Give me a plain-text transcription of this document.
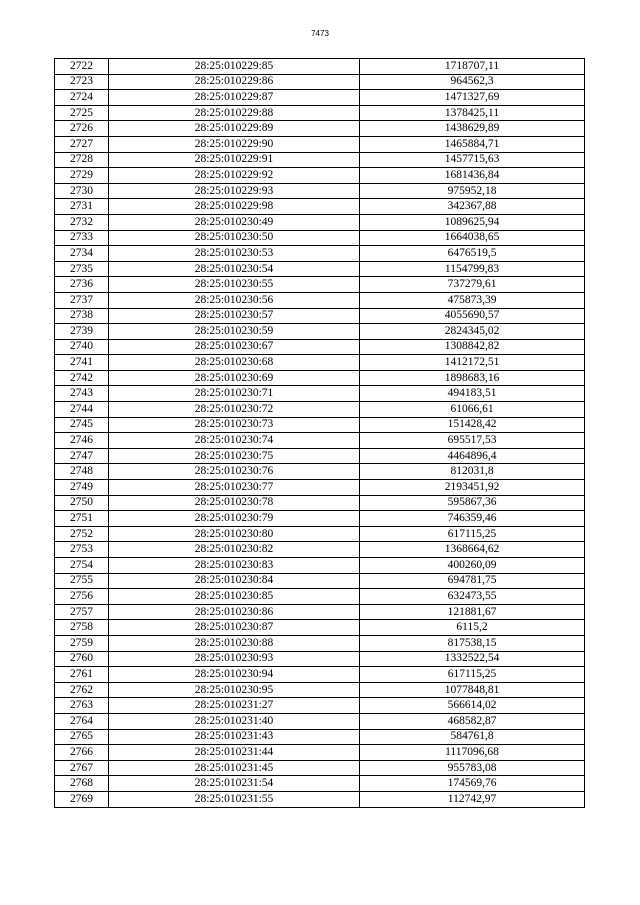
7473
2722	28:25:010229:85	1718707,11
2723	28:25:010229:86	964562,3
2724	28:25:010229:87	1471327,69
2725	28:25:010229:88	1378425,11
2726	28:25:010229:89	1438629,89
2727	28:25:010229:90	1465884,71
2728	28:25:010229:91	1457715,63
2729	28:25:010229:92	1681436,84
2730	28:25:010229:93	975952,18
2731	28:25:010229:98	342367,88
2732	28:25:010230:49	1089625,94
2733	28:25:010230:50	1664038,65
2734	28:25:010230:53	6476519,5
2735	28:25:010230:54	1154799,83
2736	28:25:010230:55	737279,61
2737	28:25:010230:56	475873,39
2738	28:25:010230:57	4055690,57
2739	28:25:010230:59	2824345,02
2740	28:25:010230:67	1308842,82
2741	28:25:010230:68	1412172,51
2742	28:25:010230:69	1898683,16
2743	28:25:010230:71	494183,51
2744	28:25:010230:72	61066,61
2745	28:25:010230:73	151428,42
2746	28:25:010230:74	695517,53
2747	28:25:010230:75	4464896,4
2748	28:25:010230:76	812031,8
2749	28:25:010230:77	2193451,92
2750	28:25:010230:78	595867,36
2751	28:25:010230:79	746359,46
2752	28:25:010230:80	617115,25
2753	28:25:010230:82	1368664,62
2754	28:25:010230:83	400260,09
2755	28:25:010230:84	694781,75
2756	28:25:010230:85	632473,55
2757	28:25:010230:86	121881,67
2758	28:25:010230:87	6115,2
2759	28:25:010230:88	817538,15
2760	28:25:010230:93	1332522,54
2761	28:25:010230:94	617115,25
2762	28:25:010230:95	1077848,81
2763	28:25:010231:27	566614,02
2764	28:25:010231:40	468582,87
2765	28:25:010231:43	584761,8
2766	28:25:010231:44	1117096,68
2767	28:25:010231:45	955783,08
2768	28:25:010231:54	174569,76
2769	28:25:010231:55	112742,97
